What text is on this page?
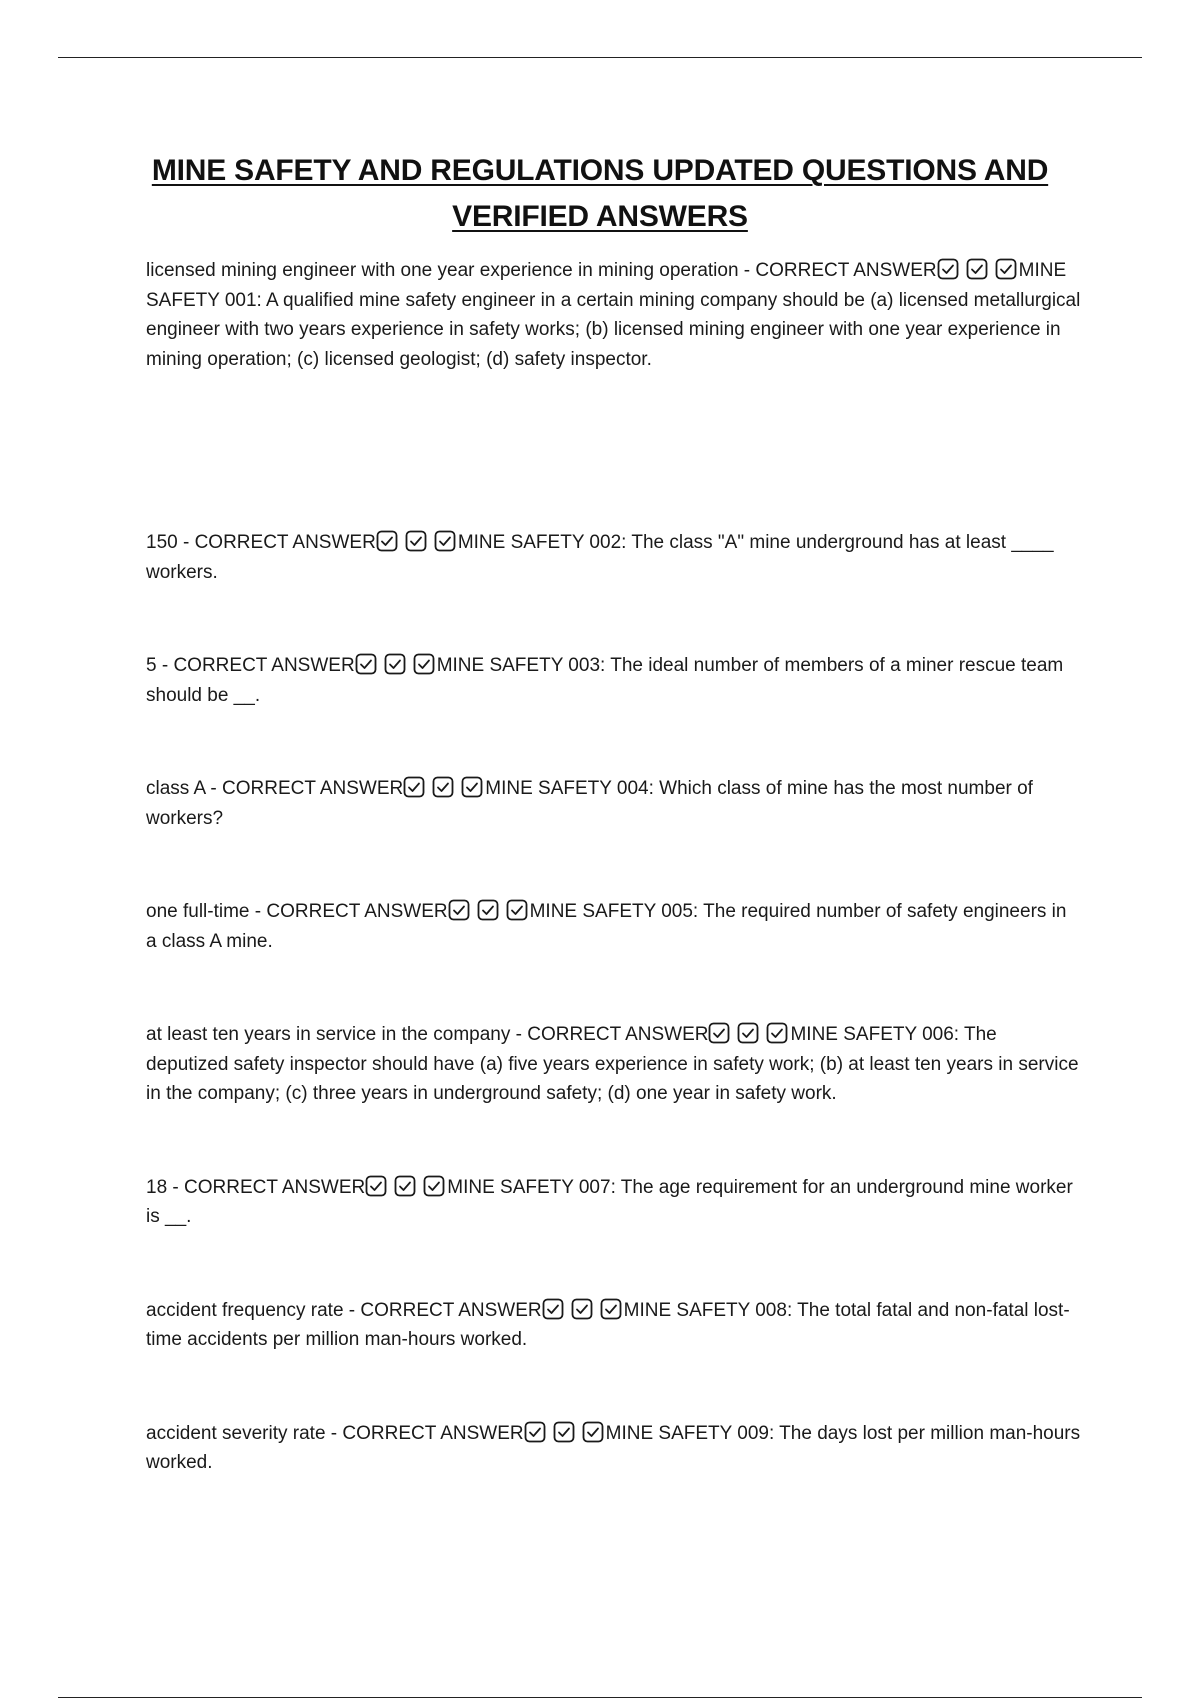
MINE SAFETY AND REGULATIONS UPDATED QUESTIONS AND
VERIFIED ANSWERS
licensed mining engineer with one year experience in mining operation - CORRECT ANSWER	MINE SAFETY 001: A qualified mine safety engineer in a certain mining company should be (a) licensed metallurgical engineer with two years experience in safety works; (b) licensed mining engineer with one year experience in mining operation; (c) licensed geologist; (d) safety inspector.
150 - CORRECT ANSWER	MINE SAFETY 002: The class "A" mine underground has at least ____ workers.
5 - CORRECT ANSWER	MINE SAFETY 003: The ideal number of members of a miner rescue team should be __.
class A - CORRECT ANSWER	MINE SAFETY 004: Which class of mine has the most number of workers?
one full-time - CORRECT ANSWER	MINE SAFETY 005: The required number of safety engineers in a class A mine.
at least ten years in service in the company - CORRECT ANSWER	MINE SAFETY 006: The deputized safety inspector should have (a) five years experience in safety work; (b) at least ten years in service in the company; (c) three years in underground safety; (d) one year in safety work.
18 - CORRECT ANSWER	MINE SAFETY 007: The age requirement for an underground mine worker is __.
accident frequency rate - CORRECT ANSWER	MINE SAFETY 008: The total fatal and non-fatal lost-time accidents per million man-hours worked.
accident severity rate - CORRECT ANSWER	MINE SAFETY 009: The days lost per million man-hours worked.
